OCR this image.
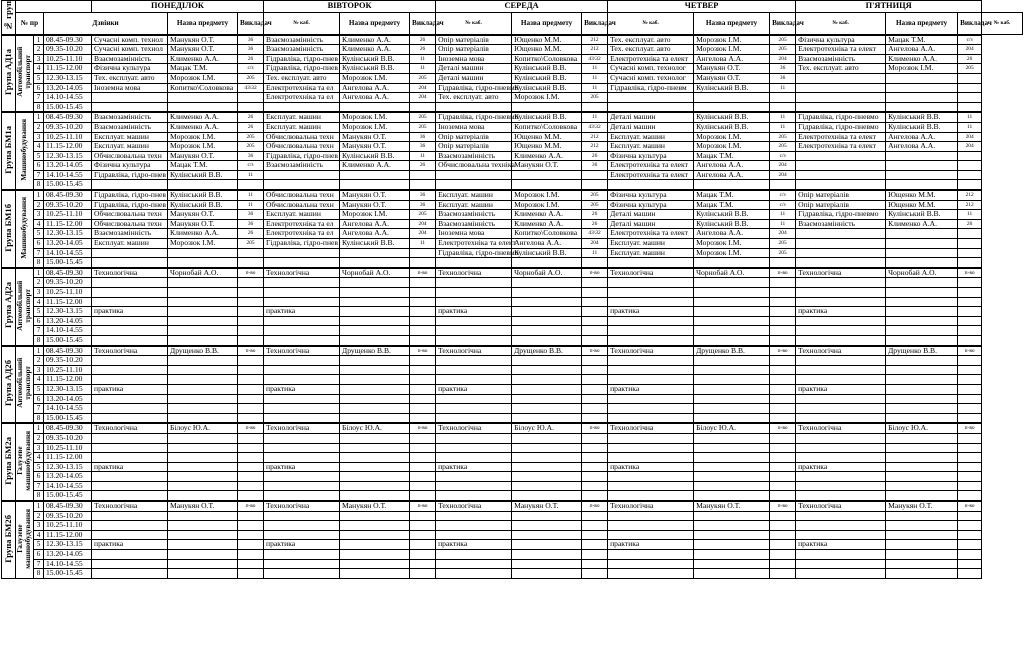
№ груп				ПОНЕДІЛОК			ВІВТОРОК			СЕРЕДА			ЧЕТВЕР			П'ЯТНИЦЯ			
	№ пр		Дзвінки		Назва предмету	Викладач	№ каб.	Назва предмету	Викладач	№ каб.	Назва предмету	Викладач	№ каб.	Назва предмету	Викладач	№ каб.	Назва предмету	Викладач	№ каб.
Група АД1а	Автомобільний транспорт	1	08.45-09.30	Сучасні комп. технол	Манукян О.Т.	36	Взаємозамінність	Клименко А.А.	26	Опір матеріалів	Ющенко М.М.	212	Тех. експлуат. авто	Морозюк І.М.	205	Фізична культура	Мацак Т.М.	с/з	
		2	09.35-10.20	Сучасні комп. технол	Манукян О.Т.	36	Взаємозамінність	Клименко А.А.	26	Опір матеріалів	Ющенко М.М.	212	Тех. експлуат. авто	Морозюк І.М.	205	Електротехніка та елект	Ангелова А.А.	204	
		3	10.25-11.10	Взаємозамінність	Клименко А.А.	26	Гідравліка, гідро-пнев	Кулінський В.В.	11	Іноземна мова	Копитко\Соловкова	43\32	Електротехніка та елект	Ангелова А.А.	204	Взаємозамінність	Клименко А.А.	26	
		4	11.15-12.00	Фізична культура	Мацак Т.М.	с/з	Гідравліка, гідро-пнев	Кулінський В.В.	11	Деталі машин	Кулінський В.В.	11	Сучасні комп. технолог	Манукян О.Т.	36	Тех. експлуат. авто	Морозюк І.М.	205	
		5	12.30-13.15	Тех. експлуат. авто	Морозюк І.М.	205	Тех. експлуат. авто	Морозюк І.М.	205	Деталі машин	Кулінський В.В.	11	Сучасні комп. технолог	Манукян О.Т.	36				
		6	13.20-14.05	Іноземна мова	Копитко\Соловкова	43\32	Електротехніка та ел	Ангелова А.А.	204	Гідравліка, гідро-пневмо	Кулінський В.В.	11	Гідравліка, гідро-пневм	Кулінський В.В.	11				
		7	14.10-14.55				Електротехніка та ел	Ангелова А.А.	204	Тех. експлуат. авто	Морозюк І.М.	205							
		8	15.00-15.45																
Група БМ1а	Машинобудування	1	08.45-09.30	Взаємозамінність	Клименко А.А.	26	Експлуат. машин	Морозюк І.М.	205	Гідравліка, гідро-пневмо	Кулінський В.В.	11	Деталі машин	Кулінський В.В.	11	Гідравліка, гідро-пневмо	Кулінський В.В.	11	
		2	09.35-10.20	Взаємозамінність	Клименко А.А.	26	Експлуат. машин	Морозюк І.М.	205	Іноземна мова	Копитко\Соловкова	43\32	Деталі машин	Кулінський В.В.	11	Гідравліка, гідро-пневмо	Кулінський В.В.	11	
		3	10.25-11.10	Експлуат. машин	Морозюк І.М.	205	Обчислювальна техн	Манукян О.Т.	36	Опір матеріалів	Ющенко М.М.	212	Експлуат. машин	Морозюк І.М.	205	Електротехніка та елект	Ангелова А.А.	204	
		4	11.15-12.00	Експлуат. машин	Морозюк І.М.	205	Обчислювальна техн	Манукян О.Т.	36	Опір матеріалів	Ющенко М.М.	212	Експлуат. машин	Морозюк І.М.	205	Електротехніка та елект	Ангелова А.А.	204	
		5	12.30-13.15	Обчислювальна техн	Манукян О.Т.	36	Гідравліка, гідро-пнев	Кулінський В.В.	11	Взаємозамінність	Клименко А.А.	26	Фізична культура	Мацак Т.М.	с/з				
		6	13.20-14.05	Фізична культура	Мацак Т.М.	с/з	Взаємозамінність	Клименко А.А.	26	Обчислювальна техніка	Манукян О.Т.	36	Електротехніка та елект	Ангелова А.А.	204				
		7	14.10-14.55	Гідравліка, гідро-пнев	Кулінський В.В.	11							Електротехніка та елект	Ангелова А.А.	204				
		8	15.00-15.45																
Група БМ1б	Машинобудування	1	08.45-09.30	Гідравліка, гідро-пнев	Кулінський В.В.	11	Обчислювальна техн	Манукян О.Т.	36	Експлуат. машин	Морозюк І.М.	205	Фізична культура	Мацак Т.М.	с/з	Опір матеріалів	Ющенко М.М.	212	
		2	09.35-10.20	Гідравліка, гідро-пнев	Кулінський В.В.	11	Обчислювальна техн	Манукян О.Т.	36	Експлуат. машин	Морозюк І.М.	205	Фізична культура	Мацак Т.М.	с/з	Опір матеріалів	Ющенко М.М.	212	
		3	10.25-11.10	Обчислювальна техн	Манукян О.Т.	36	Експлуат. машин	Морозюк І.М.	205	Взаємозамінність	Клименко А.А.	26	Деталі машин	Кулінський В.В.	11	Гідравліка, гідро-пневмо	Кулінський В.В.	11	
		4	11.15-12.00	Обчислювальна техн	Манукян О.Т.	36	Електротехніка та ел	Ангелова А.А.	204	Взаємозамінність	Клименко А.А.	26	Деталі машин	Кулінський В.В.	11	Взаємозамінність	Клименко А.А.	26	
		5	12.30-13.15	Взаємозамінність	Клименко А.А.	26	Електротехніка та ел	Ангелова А.А.	204	Іноземна мова	Копитко\Соловкова	43\32	Електротехніка та елект	Ангелова А.А.	204				
		6	13.20-14.05	Експлуат. машин	Морозюк І.М.	205	Гідравліка, гідро-пнев	Кулінський В.В.	11	Електротехніка та елект	Ангелова А.А.	204	Експлуат. машин	Морозюк І.М.	205				
		7	14.10-14.55							Гідравліка, гідро-пневмо	Кулінський В.В.	11	Експлуат. машин	Морозюк І.М.	205				
		8	15.00-15.45																
Група АД2а	Автомобільний транспорт	1	08.45-09.30	Технологічна	Чорнобай А.О.	п-во	Технологічна	Чорнобай А.О.	п-во	Технологічна	Чорнобай А.О.	п-во	Технологічна	Чорнобай А.О.	п-во	Технологічна	Чорнобай А.О.	п-во	
		2	09.35-10.20																
		3	10.25-11.10																
		4	11.15-12.00																
		5	12.30-13.15	практика			практика			практика			практика			практика			
		6	13.20-14.05																
		7	14.10-14.55																
		8	15.00-15.45																
Група АД2б	Автомобільний транспорт	1	08.45-09.30	Технологічна	Друщенко В.В.	п-во	Технологічна	Друщенко В.В.	п-во	Технологічна	Друщенко В.В.	п-во	Технологічна	Друщенко В.В.	п-во	Технологічна	Друщенко В.В.	п-во	
		2	09.35-10.20																
		3	10.25-11.10																
		4	11.15-12.00																
		5	12.30-13.15	практика			практика			практика			практика			практика			
		6	13.20-14.05																
		7	14.10-14.55																
		8	15.00-15.45																
Група БМ2а	Галузеве машинобудування	1	08.45-09.30	Технологічна	Білоус Ю.А.	п-во	Технологічна	Білоус Ю.А.	п-во	Технологічна	Білоус Ю.А.	п-во	Технологічна	Білоус Ю.А.	п-во	Технологічна	Білоус Ю.А.	п-во	
		2	09.35-10.20																
		3	10.25-11.10																
		4	11.15-12.00																
		5	12.30-13.15	практика			практика			практика			практика			практика			
		6	13.20-14.05																
		7	14.10-14.55																
		8	15.00-15.45																
Група БМ2б	Галузеве машинобудування	1	08.45-09.30	Технологічна	Манукян О.Т.	п-во	Технологічна	Манукян О.Т.	п-во	Технологічна	Манукян О.Т.	п-во	Технологічна	Манукян О.Т.	п-во	Технологічна	Манукян О.Т.	п-во	
		2	09.35-10.20																
		3	10.25-11.10																
		4	11.15-12.00																
		5	12.30-13.15	практика			практика			практика			практика			практика			
		6	13.20-14.05																
		7	14.10-14.55																
		8	15.00-15.45																
